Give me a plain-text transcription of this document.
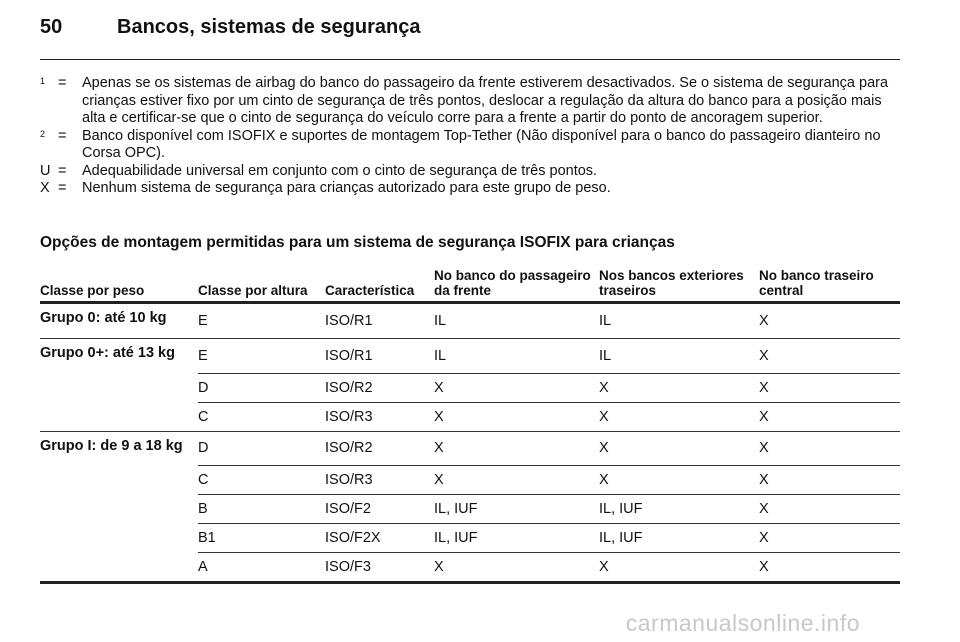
50	Bancos, sistemas de segurança
$^1$ =	Apenas se os sistemas de airbag do banco do passageiro da frente estiverem desactivados. Se o sistema de segurança para crianças estiver fixo por um cinto de segurança de três pontos, deslocar a regulação da altura do banco para a posição mais alta e certificar-se que o cinto de segurança do veículo corre para a frente a partir do ponto de ancoragem superior.
$^2$ =	Banco disponível com ISOFIX e suportes de montagem Top-Tether (Não disponível para o banco do passageiro dianteiro no Corsa OPC).
U =	Adequabilidade universal em conjunto com o cinto de segurança de três pontos.
X =	Nenhum sistema de segurança para crianças autorizado para este grupo de peso.
Opções de montagem permitidas para um sistema de segurança ISOFIX para crianças
Classe por peso	Classe por altura	Característica	No banco do passageiro da frente	Nos bancos exteriores traseiros	No banco traseiro central
Grupo 0: até 10 kg	E	ISO/R1	IL	IL	X
Grupo 0+: até 13 kg	E	ISO/R1	IL	IL	X
	D	ISO/R2	X	X	X
	C	ISO/R3	X	X	X
Grupo I: de 9 a 18 kg	D	ISO/R2	X	X	X
	C	ISO/R3	X	X	X
	B	ISO/F2	IL, IUF	IL, IUF	X
	B1	ISO/F2X	IL, IUF	IL, IUF	X
	A	ISO/F3	X	X	X
carmanualsonline.info
